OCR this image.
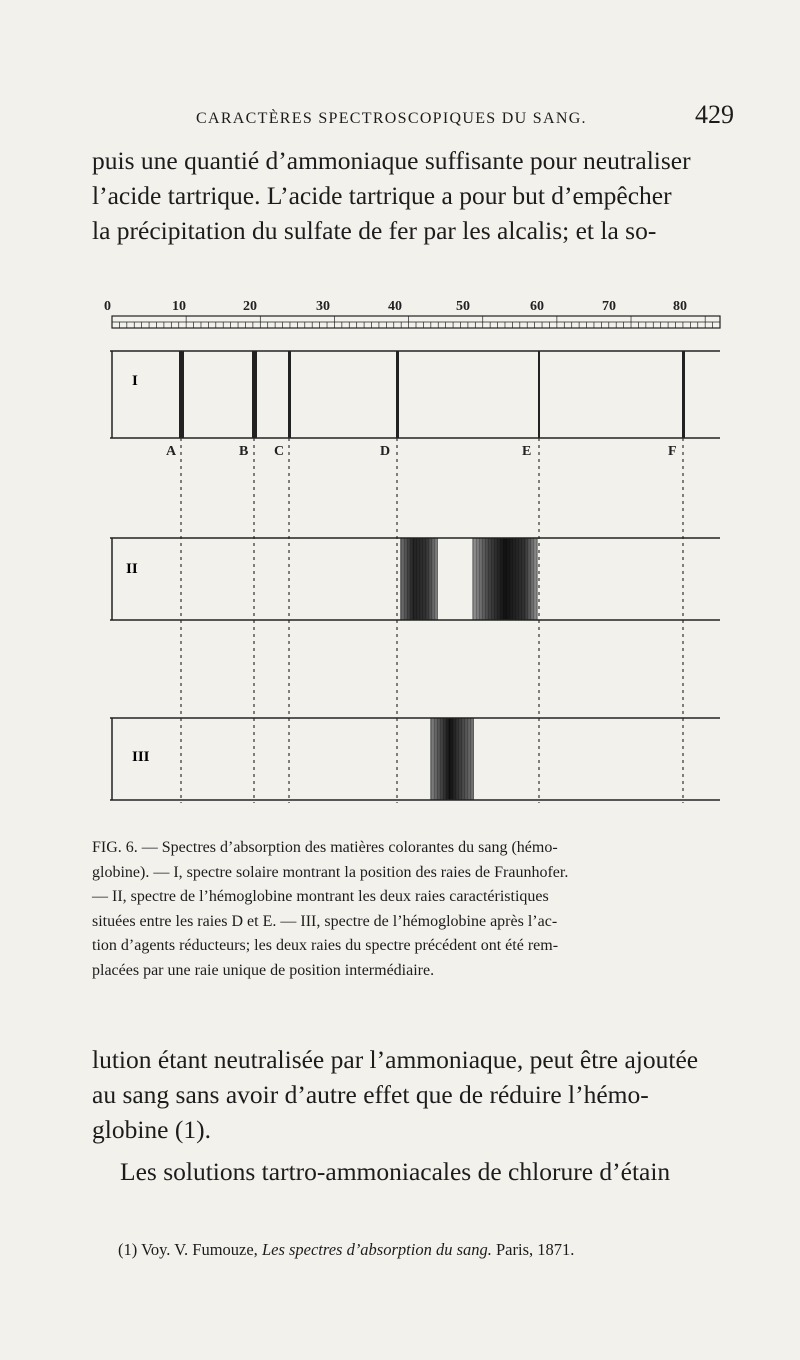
CARACTÈRES SPECTROSCOPIQUES DU SANG.	429
puis une quantié d’ammoniaque suffisante pour neutraliser
l’acide tartrique. L’acide tartrique a pour but d’empêcher
la précipitation du sulfate de fer par les alcalis; et la so-
0	10	20	30	40	50	60	70	80
I
A	B C	D	E	F
II
III
FIG. 6. — Spectres d’absorption des matières colorantes du sang (hémo-
globine). — I, spectre solaire montrant la position des raies de Fraunhofer.
— II, spectre de l’hémoglobine montrant les deux raies caractéristiques
situées entre les raies D et E. — III, spectre de l’hémoglobine après l’ac-
tion d’agents réducteurs; les deux raies du spectre précédent ont été rem-
placées par une raie unique de position intermédiaire.
lution étant neutralisée par l’ammoniaque, peut être ajoutée
au sang sans avoir d’autre effet que de réduire l’hémo-
globine (1).
Les solutions tartro-ammoniacales de chlorure d’étain
(1) Voy. V. Fumouze, Les spectres d’absorption du sang. Paris, 1871.
